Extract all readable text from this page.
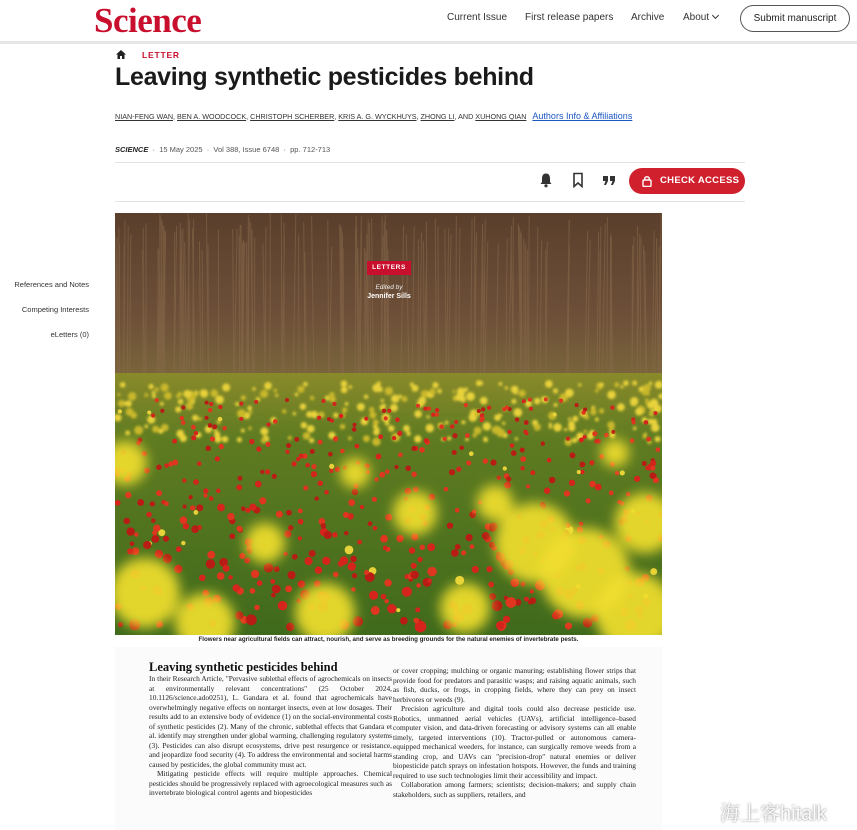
Science	Current Issue First release papers Archive About	Submit manuscript
LETTER
Leaving synthetic pesticides behind
NIAN-FENG WAN, BEN A. WOODCOCK, CHRISTOPH SCHERBER, KRIS A. G. WYCKHUYS, ZHONG LI, AND XUHONG QIAN Authors Info & Affiliations
SCIENCE  ·  15 May 2025  ·  Vol 388, Issue 6748  ·  pp. 712-713
CHECK ACCESS
References and Notes
Competing Interests
eLetters (0)
LETTERS
Edited by
Jennifer Sills
Flowers near agricultural fields can attract, nourish, and serve as breeding grounds for the natural enemies of invertebrate pests.
Leaving synthetic pesticides behind

In their Research Article, "Pervasive sublethal effects of agrochemicals on insects at environmentally relevant concentrations" (25 October 2024, 10.1126/science.ado0251), L. Gandara et al. found that agrochemicals have overwhelmingly negative effects on nontarget insects, even at low dosages. Their results add to an extensive body of evidence (1) on the social-environmental costs of synthetic pesticides (2). Many of the chronic, sublethal effects that Gandara et al. identify may strengthen under global warming, challenging regulatory systems (3). Pesticides can also disrupt ecosystems, drive pest resurgence or resistance, and jeopardize food security (4). To address the environmental and societal harms caused by pesticides, the global community must act.

Mitigating pesticide effects will require multiple approaches. Chemical pesticides should be progressively replaced with agroecological measures such as invertebrate biological control agents and biopesticides

or cover cropping; mulching or organic manuring; establishing flower strips that provide food for predators and parasitic wasps; and raising aquatic animals, such as fish, ducks, or frogs, in cropping fields, where they can prey on insect herbivores or weeds (9).

Precision agriculture and digital tools could also decrease pesticide use. Robotics, unmanned aerial vehicles (UAVs), artificial intelligence–based computer vision, and data-driven forecasting or advisory systems can all enable timely, targeted interventions (10). Tractor-pulled or autonomous camera-equipped mechanical weeders, for instance, can surgically remove weeds from a standing crop, and UAVs can "precision-drop" natural enemies or deliver biopesticide patch sprays on infestation hotspots. However, the funds and training required to use such technologies limit their accessibility and impact.

Collaboration among farmers; scientists; decision-makers; and supply chain stakeholders, such as suppliers, retailers, and

海上客hitalk
